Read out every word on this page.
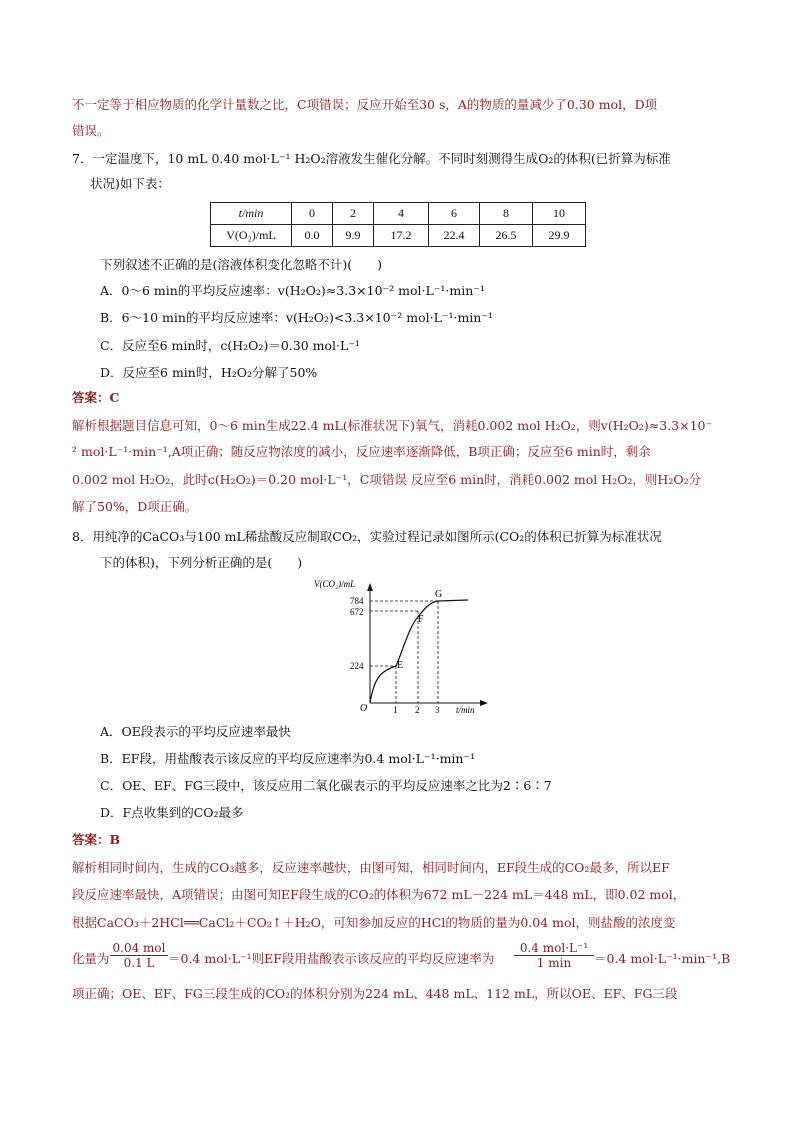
不一定等于相应物质的化学计量数之比，C项错误；反应开始至30 s，A的物质的量减少了0.30 mol，D项
错误。
7．一定温度下，10 mL 0.40 mol·L⁻¹ H₂O₂溶液发生催化分解。不同时刻测得生成O₂的体积(已折算为标准
状况)如下表：
t/min	0	2	4	6	8	10
V(O₂)/mL	0.0	9.9	17.2	22.4	26.5	29.9
下列叙述不正确的是(溶液体积变化忽略不计)(　　)
A．0～6 min的平均反应速率：v(H₂O₂)≈3.3×10⁻² mol·L⁻¹·min⁻¹
B．6～10 min的平均反应速率：v(H₂O₂)<3.3×10⁻² mol·L⁻¹·min⁻¹
C．反应至6 min时，c(H₂O₂)＝0.30 mol·L⁻¹
D．反应至6 min时，H₂O₂分解了50%
答案：C
解析根据题目信息可知，0～6 min生成22.4 mL(标准状况下)氧气，消耗0.002 mol H₂O₂，则v(H₂O₂)≈3.3×10⁻
² mol·L⁻¹·min⁻¹,A项正确；随反应物浓度的减小，反应速率逐渐降低，B项正确；反应至6 min时，剩余
0.002 mol H₂O₂，此时c(H₂O₂)＝0.20 mol·L⁻¹，C项错误 反应至6 min时，消耗0.002 mol H₂O₂，则H₂O₂分
解了50%，D项正确。
8．用纯净的CaCO₃与100 mL稀盐酸反应制取CO₂，实验过程记录如图所示(CO₂的体积已折算为标准状况
下的体积)，下列分析正确的是(　　)
V(CO₂)/mL
784
672
224
O	1 2 3 t/min
E
F
G
A．OE段表示的平均反应速率最快
B．EF段，用盐酸表示该反应的平均反应速率为0.4 mol·L⁻¹·min⁻¹
C．OE、EF、FG三段中，该反应用二氧化碳表示的平均反应速率之比为2∶6∶7
D．F点收集到的CO₂最多
答案：B
解析相同时间内，生成的CO₃越多，反应速率越快，由图可知，相同时间内，EF段生成的CO₂最多，所以EF
段反应速率最快，A项错误；由图可知EF段生成的CO₂的体积为672 mL－224 mL＝448 mL，即0.02 mol，
根据CaCO₃＋2HCl══CaCl₂＋CO₂↑＋H₂O，可知参加反应的HCl的物质的量为0.04 mol，则盐酸的浓度变
化量为
0.04 mol
0.1 L	＝0.4 mol·L⁻¹则EF段用盐酸表示该反应的平均反应速率为
0.4 mol·L⁻¹
1 min	＝0.4 mol·L⁻¹·min⁻¹,B
项正确；OE、EF、FG三段生成的CO₂的体积分别为224 mL、448 mL、112 mL，所以OE、EF、FG三段
